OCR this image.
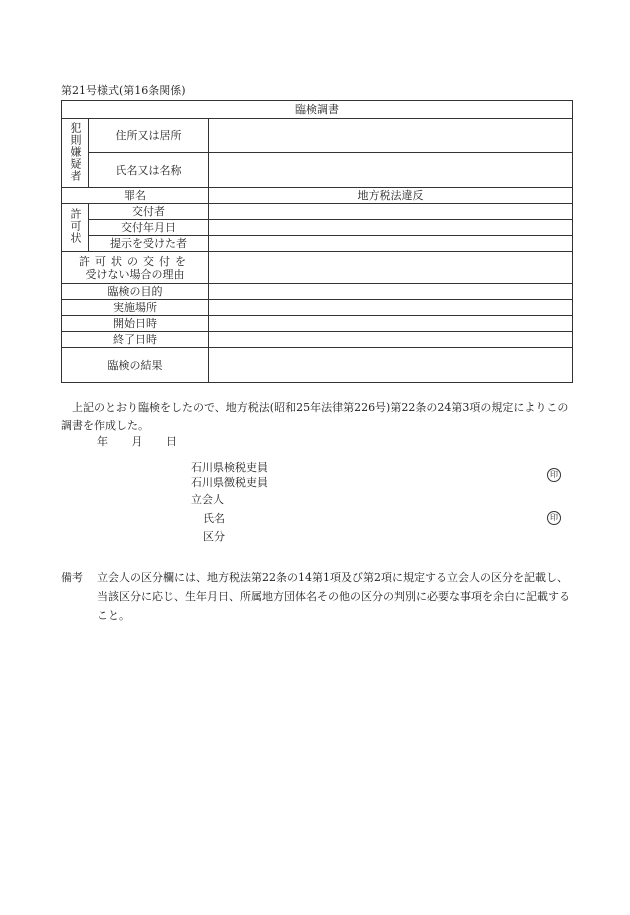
第21号様式(第16条関係)
臨検調書		
犯則嫌疑者	住所又は居所	
	氏名又は名称	
罪名		地方税法違反
許可状	交付者	
	交付年月日	
	提示を受けた者	

許可状の交付を
受けない場合の理由		

臨検の目的		
実施場所		
開始日時		
終了日時		
臨検の結果		
上記のとおり臨検をしたので、地方税法(昭和25年法律第226号)第22条の24第3項の規定によりこの調書を作成した。
年 月 日
石川県検税吏員
石川県徴税吏員
立会人
氏名
区分
印
印
備考 立会人の区分欄には、地方税法第22条の14第1項及び第2項に規定する立会人の区分を記載し、当該区分に応じ、生年月日、所属地方団体名その他の区分の判別に必要な事項を余白に記載すること。
